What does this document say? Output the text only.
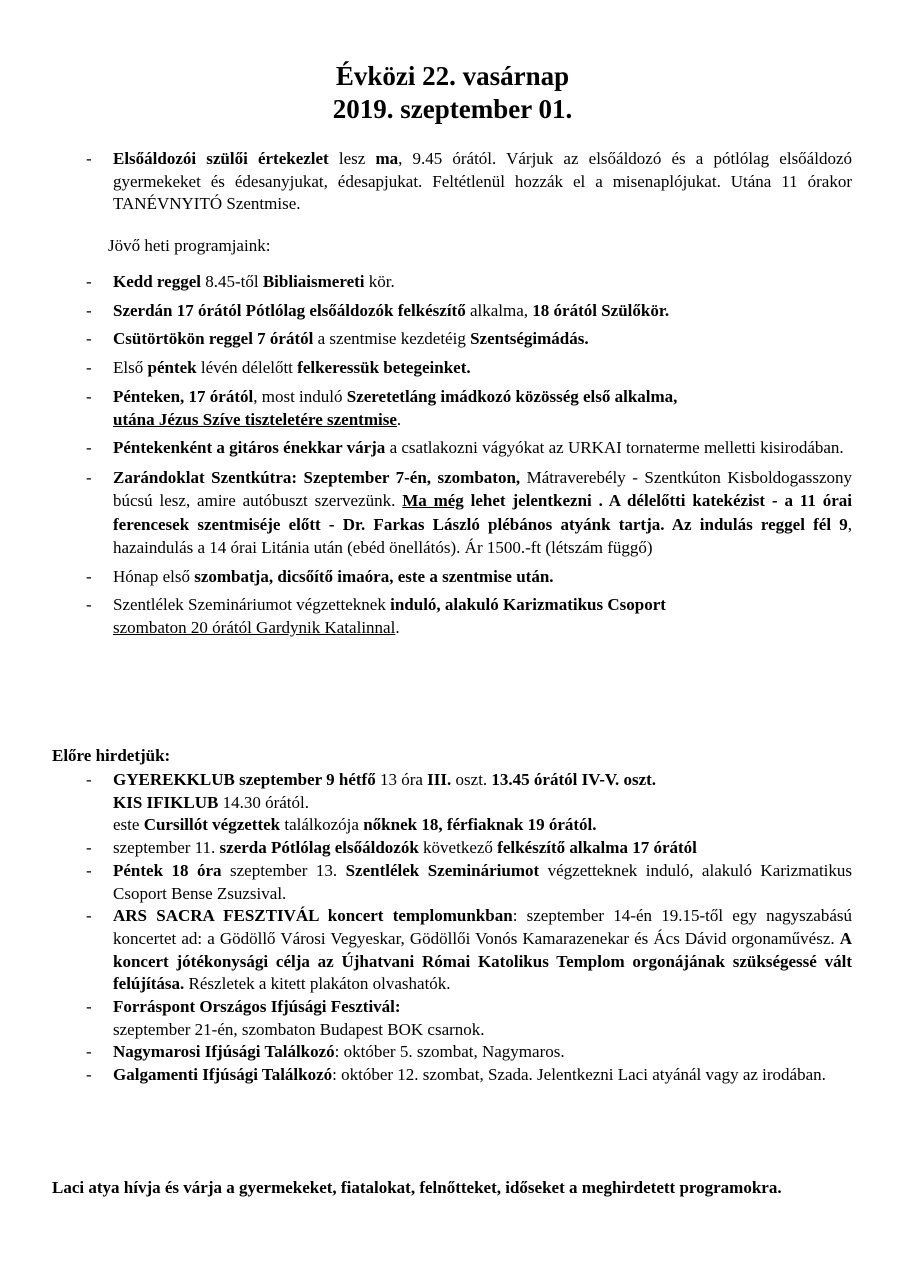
Évközi 22. vasárnap
2019. szeptember 01.
- Elsőáldozói szülői értekezlet lesz ma, 9.45 órától. Várjuk az elsőáldozó és a pótlólag elsőáldozó gyermekeket és édesanyjukat, édesapjukat. Feltétlenül hozzák el a misenaplójukat. Utána 11 órakor TANÉVNYITÓ Szentmise.
Jövő heti programjaink:
- Kedd reggel 8.45-től Bibliaismereti kör.
- Szerdán 17 órától Pótlólag elsőáldozók felkészítő alkalma, 18 órától Szülőkör.
- Csütörtökön reggel 7 órától a szentmise kezdetéig Szentségimádás.
- Első péntek lévén délelőtt felkeressük betegeinket.
- Pénteken, 17 órától, most induló Szeretetláng imádkozó közösség első alkalma,
utána Jézus Szíve tiszteletére szentmise.
- Péntekenként a gitáros énekkar várja a csatlakozni vágyókat az URKAI tornaterme melletti kisirodában.
- Zarándoklat Szentkútra: Szeptember 7-én, szombaton, Mátraverebély - Szentkúton Kisboldogasszony búcsú lesz, amire autóbuszt szervezünk. Ma még lehet jelentkezni . A délelőtti katekézist - a 11 órai ferencesek szentmiséje előtt - Dr. Farkas László plébános atyánk tartja. Az indulás reggel fél 9, hazaindulás a 14 órai Litánia után (ebéd önellátós). Ár 1500.-ft (létszám függő)
- Hónap első szombatja, dicsőítő imaóra, este a szentmise után.
- Szentlélek Szemináriumot végzetteknek induló, alakuló Karizmatikus Csoport
szombaton 20 órától Gardynik Katalinnal.
Előre hirdetjük:
- GYEREKKLUB szeptember 9 hétfő 13 óra III. oszt. 13.45 órától IV-V. oszt.
KIS IFIKLUB 14.30 órától.
este Cursillót végzettek találkozója nőknek 18, férfiaknak 19 órától.
- szeptember 11. szerda Pótlólag elsőáldozók következő felkészítő alkalma 17 órától
- Péntek 18 óra szeptember 13. Szentlélek Szemináriumot végzetteknek induló, alakuló Karizmatikus Csoport Bense Zsuzsival.
- ARS SACRA FESZTIVÁL koncert templomunkban: szeptember 14-én 19.15-től egy nagyszabású koncertet ad: a Gödöllő Városi Vegyeskar, Gödöllői Vonós Kamarazenekar és Ács Dávid orgonaművész. A koncert jótékonysági célja az Újhatvani Római Katolikus Templom orgonájának szükségessé vált felújítása. Részletek a kitett plakáton olvashatók.
- Forráspont Országos Ifjúsági Fesztivál:
szeptember 21-én, szombaton Budapest BOK csarnok.
- Nagymarosi Ifjúsági Találkozó: október 5. szombat, Nagymaros.
- Galgamenti Ifjúsági Találkozó: október 12. szombat, Szada. Jelentkezni Laci atyánál vagy az irodában.
Laci atya hívja és várja a gyermekeket, fiatalokat, felnőtteket, időseket a meghirdetett programokra.
